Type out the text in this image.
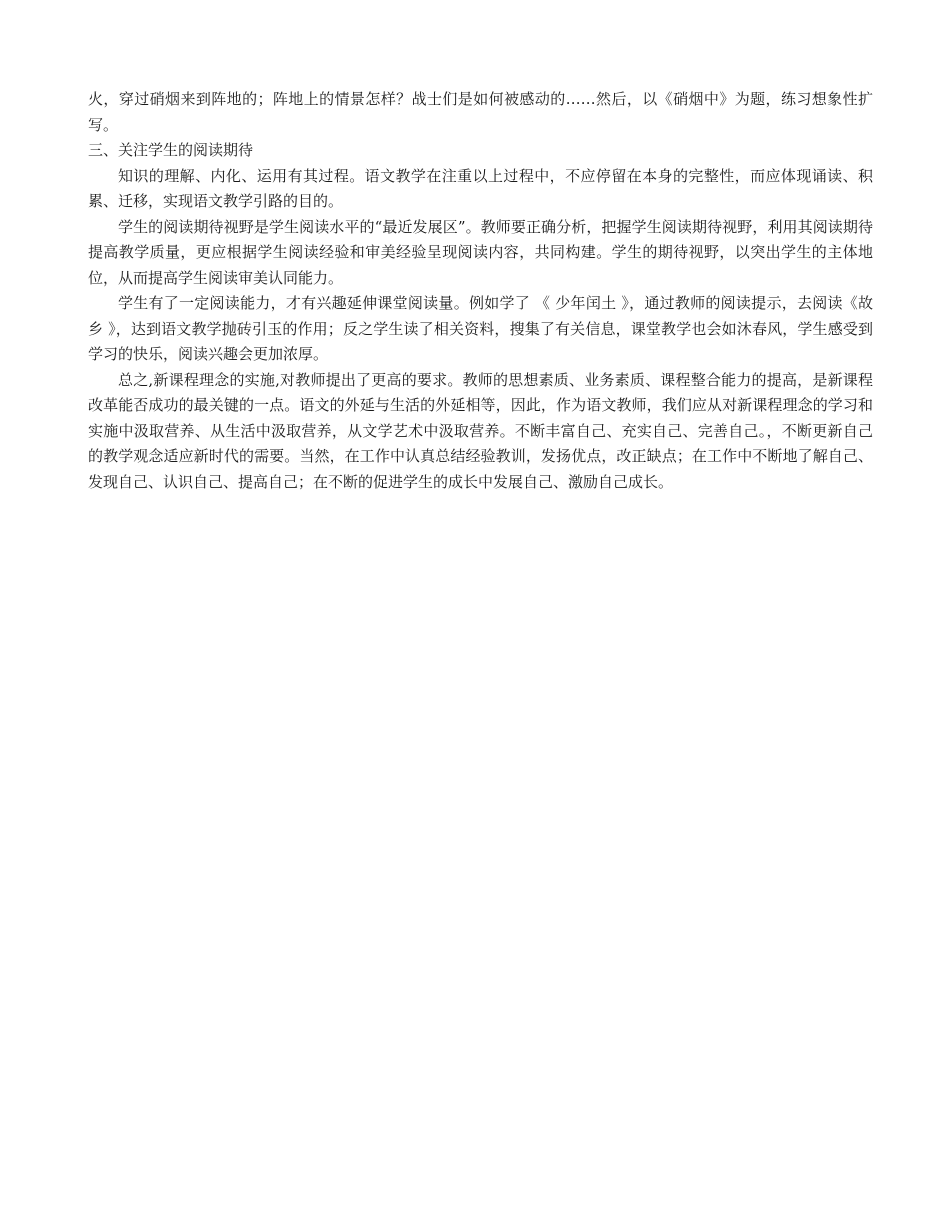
火，穿过硝烟来到阵地的；阵地上的情景怎样？战士们是如何被感动的……然后，以《硝烟中》为题，练习想象性扩写。

三、关注学生的阅读期待

知识的理解、内化、运用有其过程。语文教学在注重以上过程中，不应停留在本身的完整性，而应体现诵读、积累、迁移，实现语文教学引路的目的。

学生的阅读期待视野是学生阅读水平的“最近发展区”。教师要正确分析，把握学生阅读期待视野，利用其阅读期待提高教学质量，更应根据学生阅读经验和审美经验呈现阅读内容，共同构建。学生的期待视野，以突出学生的主体地位，从而提高学生阅读审美认同能力。

学生有了一定阅读能力，才有兴趣延伸课堂阅读量。例如学了 《 少年闰土 》，通过教师的阅读提示，去阅读《故乡 》，达到语文教学抛砖引玉的作用；反之学生读了相关资料，搜集了有关信息，课堂教学也会如沐春风，学生感受到学习的快乐，阅读兴趣会更加浓厚。

总之,新课程理念的实施,对教师提出了更高的要求。教师的思想素质、业务素质、课程整合能力的提高，是新课程改革能否成功的最关键的一点。语文的外延与生活的外延相等，因此，作为语文教师，我们应从对新课程理念的学习和实施中汲取营养、从生活中汲取营养，从文学艺术中汲取营养。不断丰富自己、充实自己、完善自己。，不断更新自己的教学观念适应新时代的需要。当然，在工作中认真总结经验教训，发扬优点，改正缺点；在工作中不断地了解自己、发现自己、认识自己、提高自己；在不断的促进学生的成长中发展自己、激励自己成长。
